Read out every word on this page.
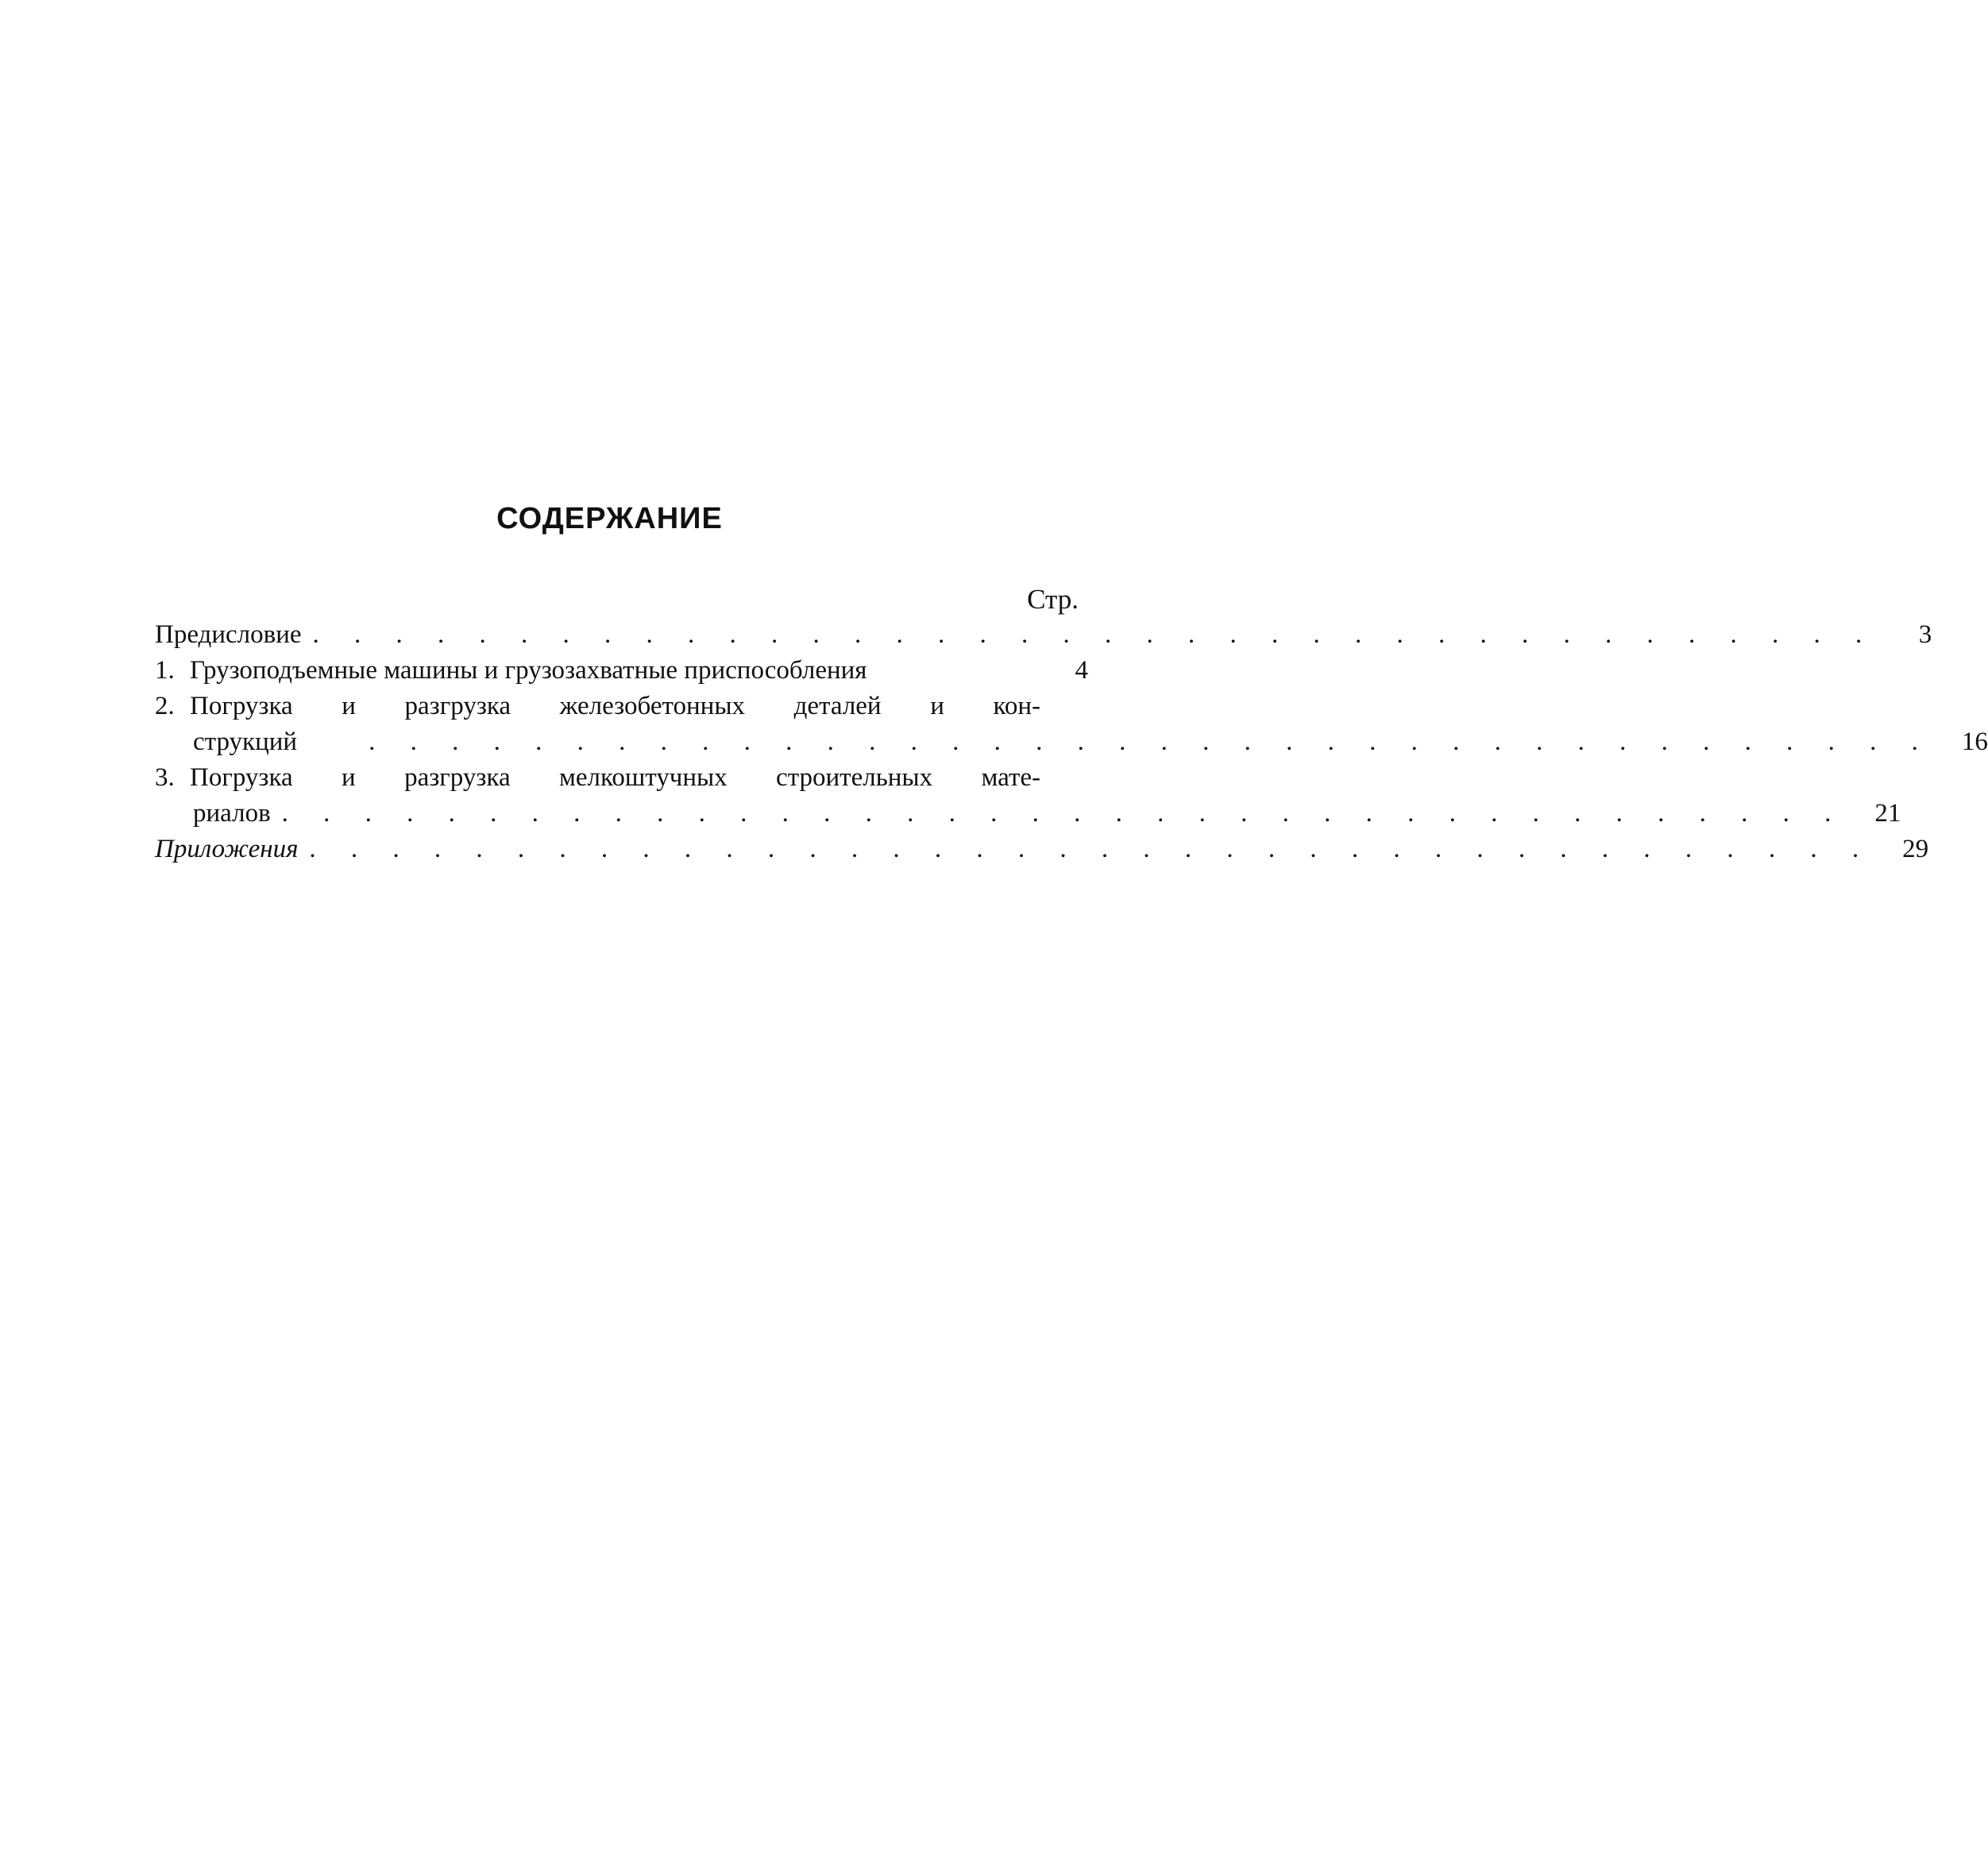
СОДЕРЖАНИЕ
Стр.
Предисловие . . . . . . . . . . . . . . . . . . . . . . . . . . . . . . . . . . . . . .	3
1. Грузоподъемные машины и грузозахватные приспособления	4
2. Погрузка и разгрузка железобетонных деталей и кон-
струкций	. . . . . . . . . . . . . . . . . . . . . . . . . . . . . . . . . . . . . .	16
3. Погрузка и разгрузка мелкоштучных строительных мате-
риалов . . . . . . . . . . . . . . . . . . . . . . . . . . . . . . . . . . . . . .	21
Приложения . . . . . . . . . . . . . . . . . . . . . . . . . . . . . . . . . . . . . .	29
